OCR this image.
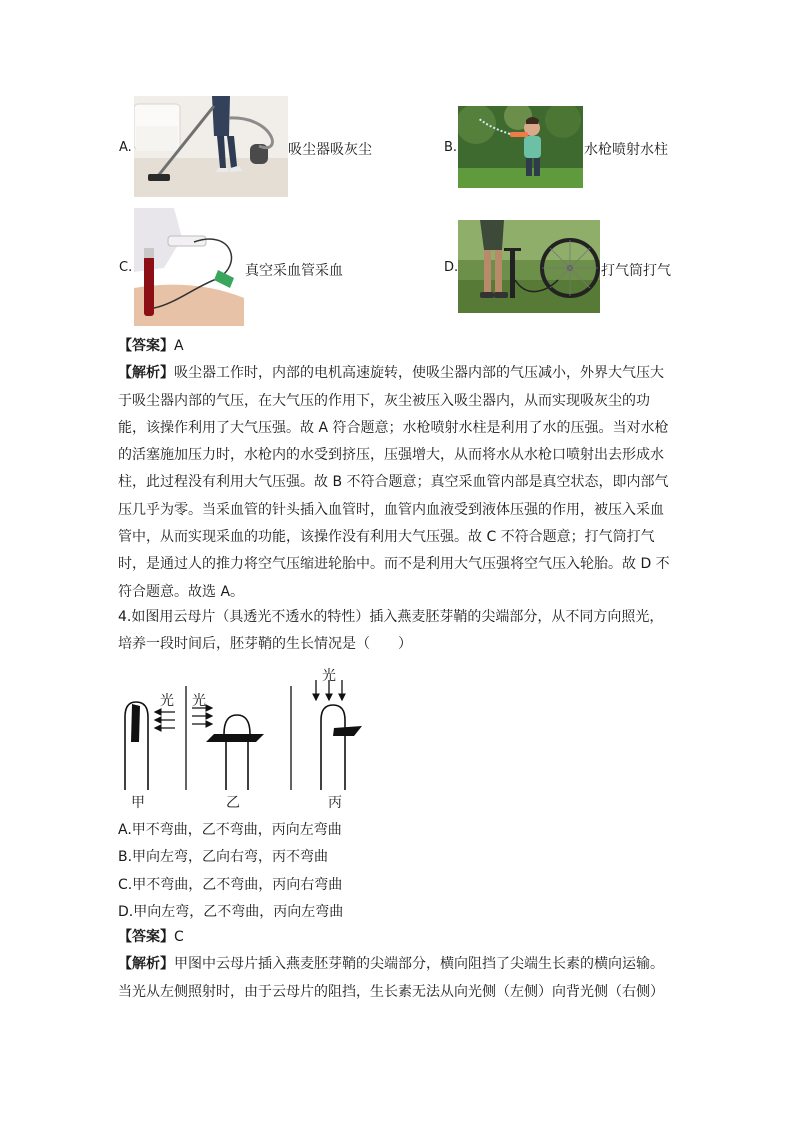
A.	吸尘器吸灰尘	B.	水枪喷射水柱
C.	真空采血管采血	D.	打气筒打气
【答案】A
【解析】吸尘器工作时，内部的电机高速旋转，使吸尘器内部的气压减小，外界大气压大
于吸尘器内部的气压，在大气压的作用下，灰尘被压入吸尘器内，从而实现吸灰尘的功
能，该操作利用了大气压强。故 A 符合题意；水枪喷射水柱是利用了水的压强。当对水枪
的活塞施加压力时，水枪内的水受到挤压，压强增大，从而将水从水枪口喷射出去形成水
柱，此过程没有利用大气压强。故 B 不符合题意；真空采血管内部是真空状态，即内部气
压几乎为零。当采血管的针头插入血管时，血管内血液受到液体压强的作用，被压入采血
管中，从而实现采血的功能，该操作没有利用大气压强。故 C 不符合题意；打气筒打气
时，是通过人的推力将空气压缩进轮胎中。而不是利用大气压强将空气压入轮胎。故 D 不
符合题意。故选 A。
4.如图用云母片（具透光不透水的特性）插入燕麦胚芽鞘的尖端部分，从不同方向照光，
培养一段时间后，胚芽鞘的生长情况是（　　）
光 光
光
甲	乙	丙
A.甲不弯曲，乙不弯曲，丙向左弯曲
B.甲向左弯，乙向右弯，丙不弯曲
C.甲不弯曲，乙不弯曲，丙向右弯曲
D.甲向左弯，乙不弯曲，丙向左弯曲
【答案】C
【解析】甲图中云母片插入燕麦胚芽鞘的尖端部分，横向阻挡了尖端生长素的横向运输。
当光从左侧照射时，由于云母片的阻挡，生长素无法从向光侧（左侧）向背光侧（右侧）
